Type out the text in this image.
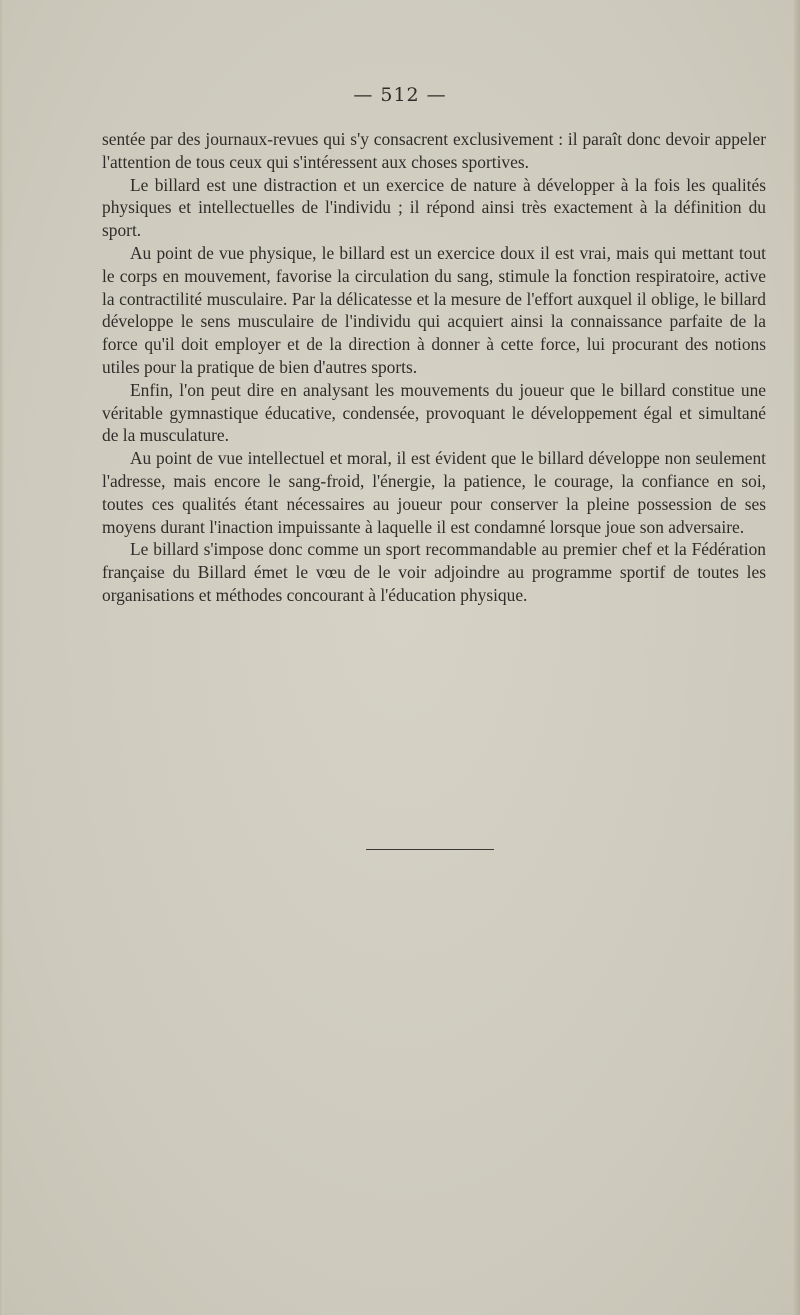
— 512 —

sentée par des journaux-revues qui s'y consacrent exclusivement : il paraît donc devoir appeler l'attention de tous ceux qui s'intéressent aux choses sportives.

Le billard est une distraction et un exercice de nature à développer à la fois les qualités physiques et intellectuelles de l'individu ; il répond ainsi très exactement à la définition du sport.

Au point de vue physique, le billard est un exercice doux il est vrai, mais qui mettant tout le corps en mouvement, favorise la circulation du sang, stimule la fonction respiratoire, active la contractilité musculaire. Par la délicatesse et la mesure de l'effort auxquel il oblige, le billard développe le sens musculaire de l'individu qui acquiert ainsi la connaissance parfaite de la force qu'il doit employer et de la direction à donner à cette force, lui procurant des notions utiles pour la pratique de bien d'autres sports.

Enfin, l'on peut dire en analysant les mouvements du joueur que le billard constitue une véritable gymnastique éducative, condensée, provoquant le développement égal et simultané de la musculature.

Au point de vue intellectuel et moral, il est évident que le billard développe non seulement l'adresse, mais encore le sang-froid, l'énergie, la patience, le courage, la confiance en soi, toutes ces qualités étant nécessaires au joueur pour conserver la pleine possession de ses moyens durant l'inaction impuissante à laquelle il est condamné lorsque joue son adversaire.

Le billard s'impose donc comme un sport recommandable au premier chef et la Fédération française du Billard émet le vœu de le voir adjoindre au programme sportif de toutes les organisations et méthodes concourant à l'éducation physique.
